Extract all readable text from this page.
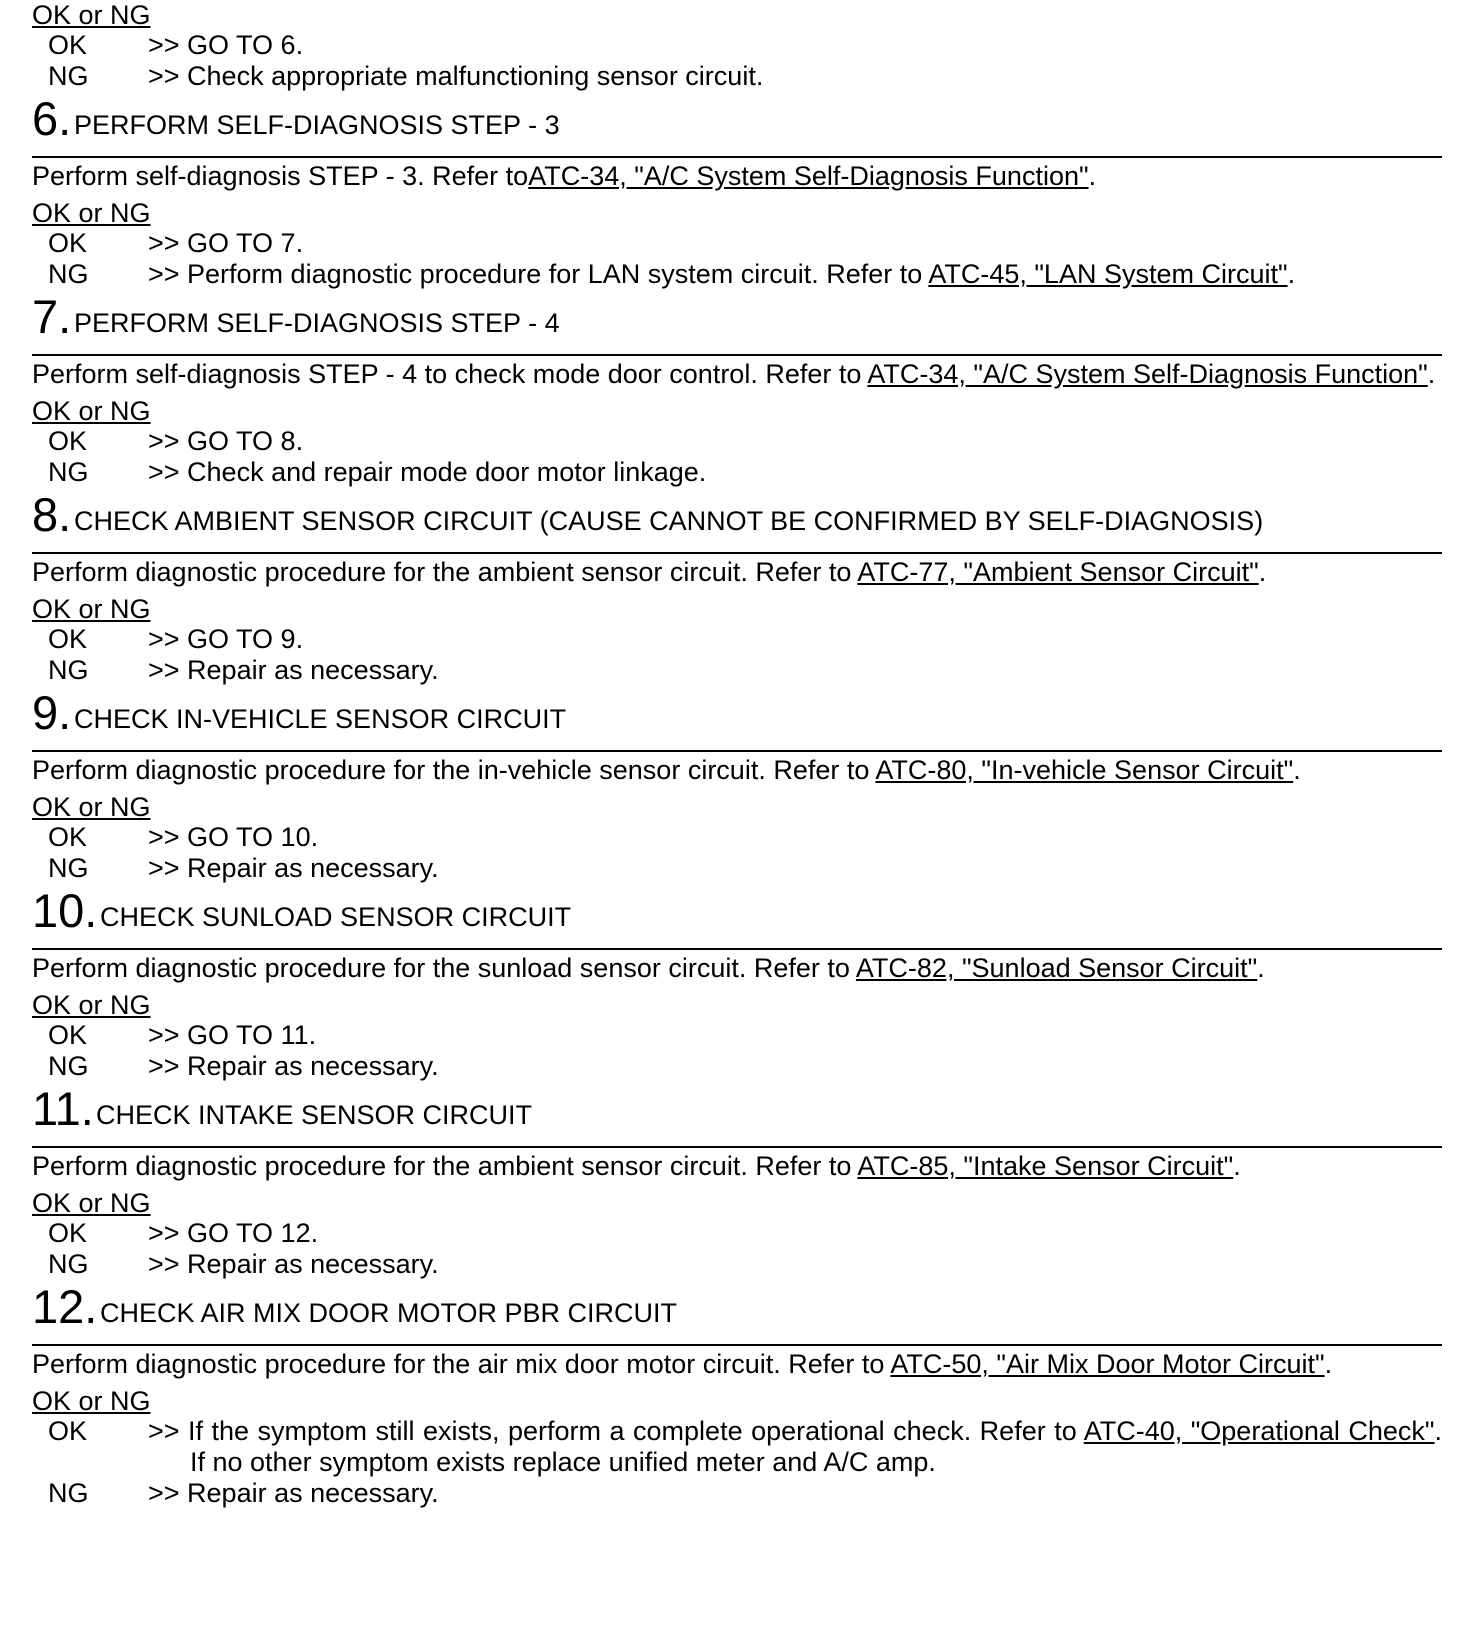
OK or NG
OK >> GO TO 6.
NG >> Check appropriate malfunctioning sensor circuit.
6. PERFORM SELF-DIAGNOSIS STEP - 3
Perform self-diagnosis STEP - 3. Refer toATC-34, "A/C System Self-Diagnosis Function".
OK or NG
OK >> GO TO 7.
NG >> Perform diagnostic procedure for LAN system circuit. Refer to ATC-45, "LAN System Circuit".
7. PERFORM SELF-DIAGNOSIS STEP - 4
Perform self-diagnosis STEP - 4 to check mode door control. Refer to ATC-34, "A/C System Self-Diagnosis Function".
OK or NG
OK >> GO TO 8.
NG >> Check and repair mode door motor linkage.
8. CHECK AMBIENT SENSOR CIRCUIT (CAUSE CANNOT BE CONFIRMED BY SELF-DIAGNOSIS)
Perform diagnostic procedure for the ambient sensor circuit. Refer to ATC-77, "Ambient Sensor Circuit".
OK or NG
OK >> GO TO 9.
NG >> Repair as necessary.
9. CHECK IN-VEHICLE SENSOR CIRCUIT
Perform diagnostic procedure for the in-vehicle sensor circuit. Refer to ATC-80, "In-vehicle Sensor Circuit".
OK or NG
OK >> GO TO 10.
NG >> Repair as necessary.
10. CHECK SUNLOAD SENSOR CIRCUIT
Perform diagnostic procedure for the sunload sensor circuit. Refer to ATC-82, "Sunload Sensor Circuit".
OK or NG
OK >> GO TO 11.
NG >> Repair as necessary.
11. CHECK INTAKE SENSOR CIRCUIT
Perform diagnostic procedure for the ambient sensor circuit. Refer to ATC-85, "Intake Sensor Circuit".
OK or NG
OK >> GO TO 12.
NG >> Repair as necessary.
12. CHECK AIR MIX DOOR MOTOR PBR CIRCUIT
Perform diagnostic procedure for the air mix door motor circuit. Refer to ATC-50, "Air Mix Door Motor Circuit".
OK or NG
OK >> If the symptom still exists, perform a complete operational check. Refer to ATC-40, "Operational Check". If no other symptom exists replace unified meter and A/C amp.
NG >> Repair as necessary.
